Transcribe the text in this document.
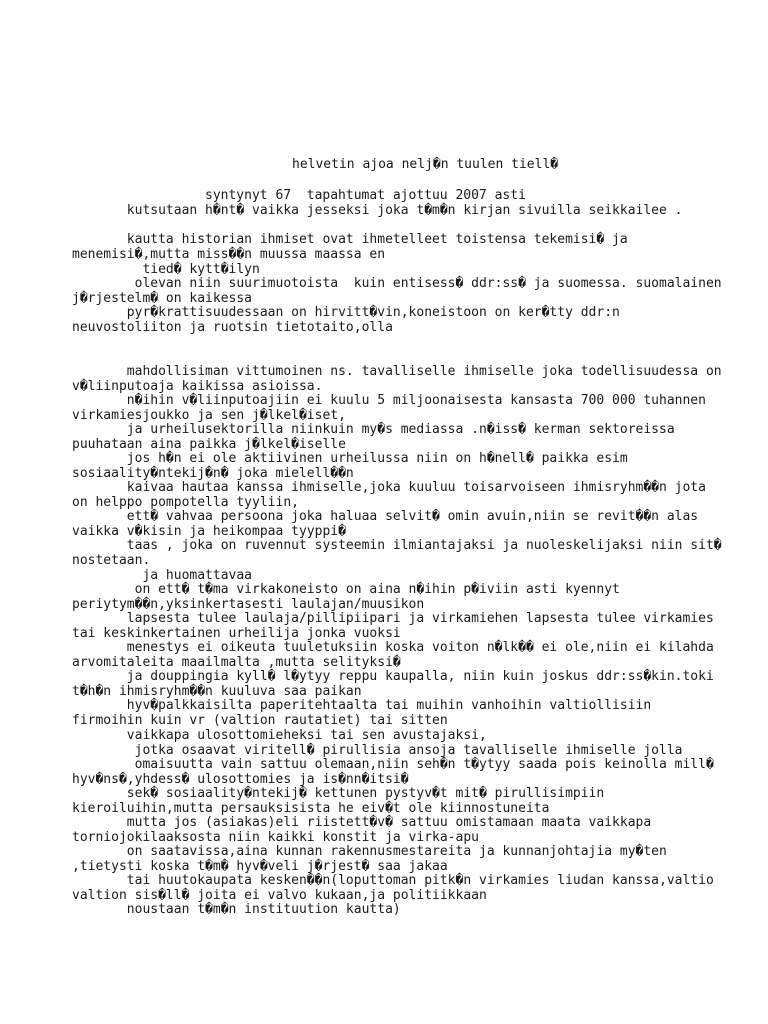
helvetin ajoa nelj�n tuulen tiell�
syntynyt 67  tapahtumat ajottuu 2007 asti
kutsutaan h�nt� vaikka jesseksi joka t�m�n kirjan sivuilla seikkailee .
kautta historian ihmiset ovat ihmetelleet toistensa tekemisi� ja
menemisi�,mutta miss��n muussa maassa en
tied� kytt�ilyn
olevan niin suurimuotoista  kuin entisess� ddr:ss� ja suomessa. suomalainen
j�rjestelm� on kaikessa
pyr�krattisuudessaan on hirvitt�vin,koneistoon on ker�tty ddr:n
neuvostoliiton ja ruotsin tietotaito,olla
mahdollisiman vittumoinen ns. tavalliselle ihmiselle joka todellisuudessa on
v�liinputoaja kaikissa asioissa.
n�ihin v�liinputoajiin ei kuulu 5 miljoonaisesta kansasta 700 000 tuhannen
virkamiesjoukko ja sen j�lkel�iset,
ja urheilusektorilla niinkuin my�s mediassa .n�iss� kerman sektoreissa
puuhataan aina paikka j�lkel�iselle
jos h�n ei ole aktiivinen urheilussa niin on h�nell� paikka esim
sosiaality�ntekij�n� joka mielell��n
kaivaa hautaa kanssa ihmiselle,joka kuuluu toisarvoiseen ihmisryhm��n jota
on helppo pompotella tyyliin,
ett� vahvaa persoona joka haluaa selvit� omin avuin,niin se revit��n alas
vaikka v�kisin ja heikompaa tyyppi�
taas , joka on ruvennut systeemin ilmiantajaksi ja nuoleskelijaksi niin sit�
nostetaan.
ja huomattavaa
on ett� t�ma virkakoneisto on aina n�ihin p�iviin asti kyennyt
periytym��n,yksinkertasesti laulajan/muusikon
lapsesta tulee laulaja/pillipiipari ja virkamiehen lapsesta tulee virkamies
tai keskinkertainen urheilija jonka vuoksi
menestys ei oikeuta tuuletuksiin koska voiton n�lk�� ei ole,niin ei kilahda
arvomitaleita maailmalta ,mutta selityksi�
ja douppingia kyll� l�ytyy reppu kaupalla, niin kuin joskus ddr:ss�kin.toki
t�h�n ihmisryhm��n kuuluva saa paikan
hyv�palkkaisilta paperitehtaalta tai muihin vanhoihin valtiollisiin
firmoihin kuin vr (valtion rautatiet) tai sitten
vaikkapa ulosottomieheksi tai sen avustajaksi,
jotka osaavat viritell� pirullisia ansoja tavalliselle ihmiselle jolla
omaisuutta vain sattuu olemaan,niin seh�n t�ytyy saada pois keinolla mill�
hyv�ns�,yhdess� ulosottomies ja is�nn�itsi�
sek� sosiaality�ntekij� kettunen pystyv�t mit� pirullisimpiin
kieroiluihin,mutta persauksisista he eiv�t ole kiinnostuneita
mutta jos (asiakas)eli riistett�v� sattuu omistamaan maata vaikkapa
torniojokilaaksosta niin kaikki konstit ja virka-apu
on saatavissa,aina kunnan rakennusmestareita ja kunnanjohtajia my�ten
,tietysti koska t�m� hyv�veli j�rjest� saa jakaa
tai huutokaupata kesken��n(loputtoman pitk�n virkamies liudan kanssa,valtio
valtion sis�ll� joita ei valvo kukaan,ja politiikkaan
noustaan t�m�n instituution kautta)
